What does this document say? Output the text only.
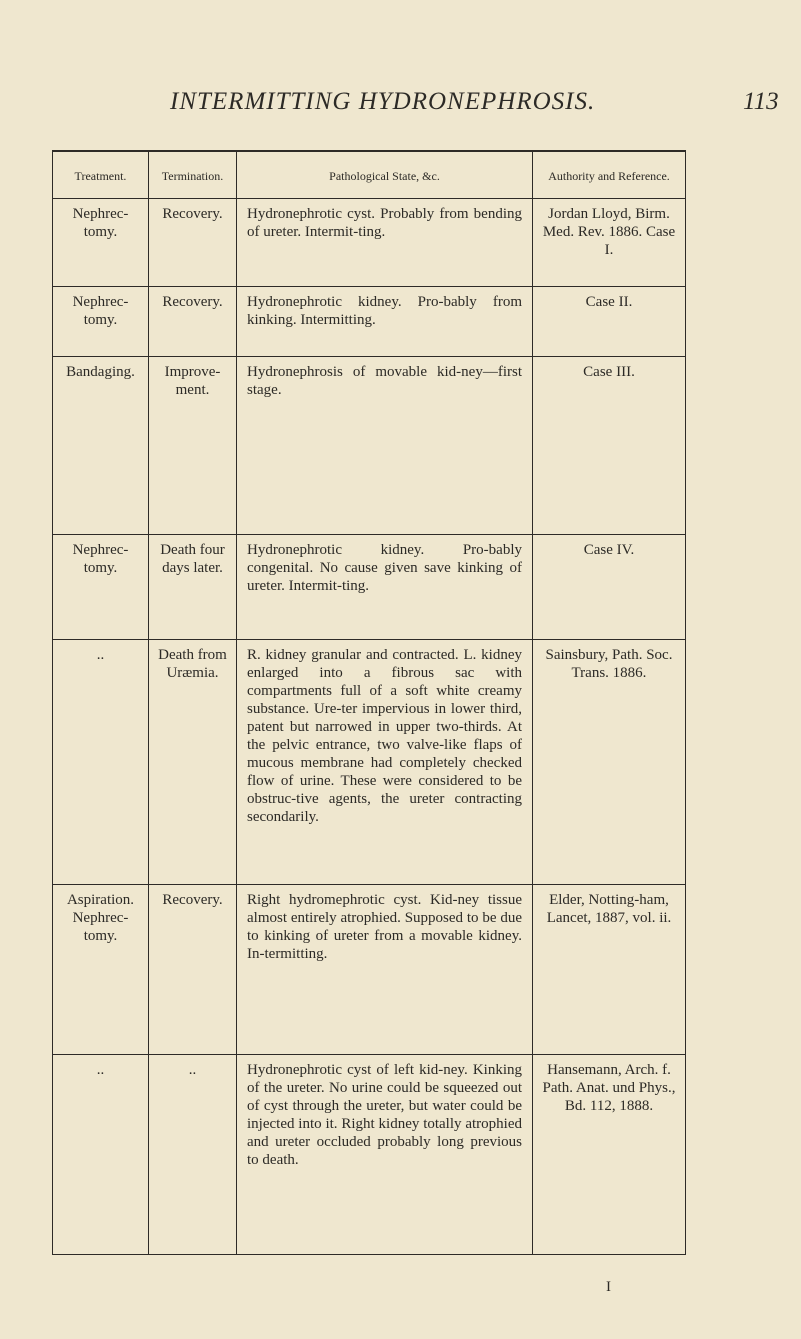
INTERMITTING HYDRONEPHROSIS.	113
Treatment.	Termination.	Pathological State, &c.	Authority and Reference.
Nephrec-tomy.	Recovery.	Hydronephrotic cyst. Probably from bending of ureter. Intermit-ting.	Jordan Lloyd, Birm. Med. Rev. 1886. Case I.
Nephrec-tomy.	Recovery.	Hydronephrotic kidney. Pro-bably from kinking. Intermitting.	Case II.
Bandaging.	Improve-ment.	Hydronephrosis of movable kid-ney—first stage.	Case III.
Nephrec-tomy.	Death four days later.	Hydronephrotic kidney. Pro-bably congenital. No cause given save kinking of ureter. Intermit-ting.	Case IV.
..	Death from Uræmia.	R. kidney granular and contracted. L. kidney enlarged into a fibrous sac with compartments full of a soft white creamy substance. Ure-ter impervious in lower third, patent but narrowed in upper two-thirds. At the pelvic entrance, two valve-like flaps of mucous membrane had completely checked flow of urine. These were considered to be obstruc-tive agents, the ureter contracting secondarily.	Sainsbury, Path. Soc. Trans. 1886.
Aspiration. Nephrec-tomy.	Recovery.	Right hydromephrotic cyst. Kid-ney tissue almost entirely atrophied. Supposed to be due to kinking of ureter from a movable kidney. In-termitting.	Elder, Notting-ham, Lancet, 1887, vol. ii.
..	..	Hydronephrotic cyst of left kid-ney. Kinking of the ureter. No urine could be squeezed out of cyst through the ureter, but water could be injected into it. Right kidney totally atrophied and ureter occluded probably long previous to death.	Hansemann, Arch. f. Path. Anat. und Phys., Bd. 112, 1888.
I
